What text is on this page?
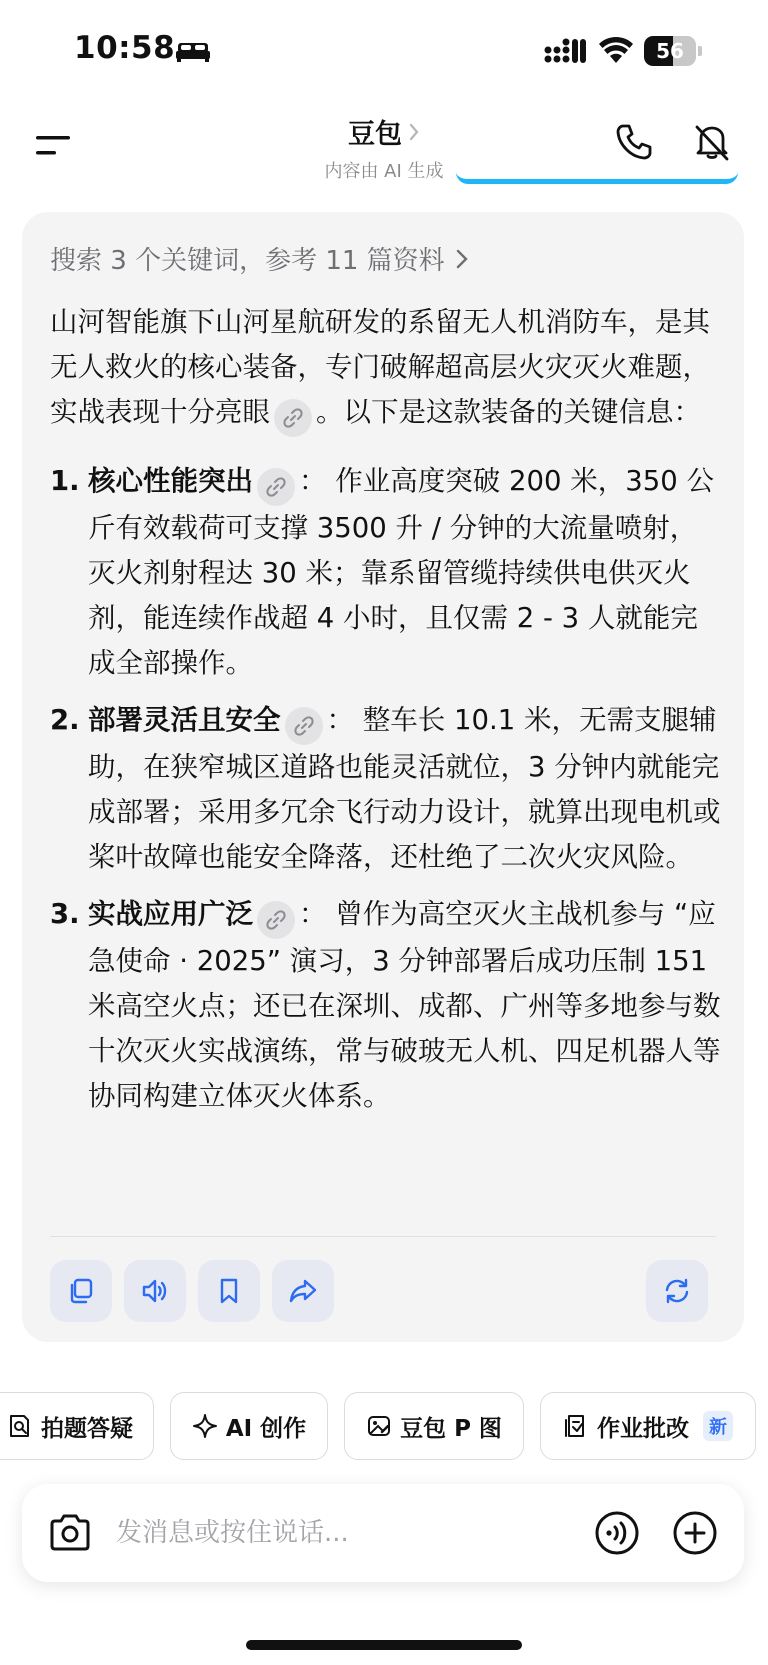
10:58	56
豆包
内容由 AI 生成
搜索 3 个关键词，参考 11 篇资料

山河智能旗下山河星航研发的系留无人机消防车，是其无人救火的核心装备，专门破解超高层火灾灭火难题，实战表现十分亮眼 。以下是这款装备的关键信息：

1. 核心性能突出 ： 作业高度突破 200 米，350 公斤有效载荷可支撑 3500 升 / 分钟的大流量喷射，灭火剂射程达 30 米；靠系留管缆持续供电供灭火剂，能连续作战超 4 小时，且仅需 2 - 3 人就能完成全部操作。
2. 部署灵活且安全 ： 整车长 10.1 米，无需支腿辅助，在狭窄城区道路也能灵活就位，3 分钟内就能完成部署；采用多冗余飞行动力设计，就算出现电机或桨叶故障也能安全降落，还杜绝了二次火灾风险。
3. 实战应用广泛 ： 曾作为高空灭火主战机参与 “应急使命 · 2025” 演习，3 分钟部署后成功压制 151 米高空火点；还已在深圳、成都、广州等多地参与数十次灭火实战演练，常与破玻无人机、四足机器人等协同构建立体灭火体系。
拍题答疑	AI 创作	豆包 P 图	作业批改	新
发消息或按住说话...
